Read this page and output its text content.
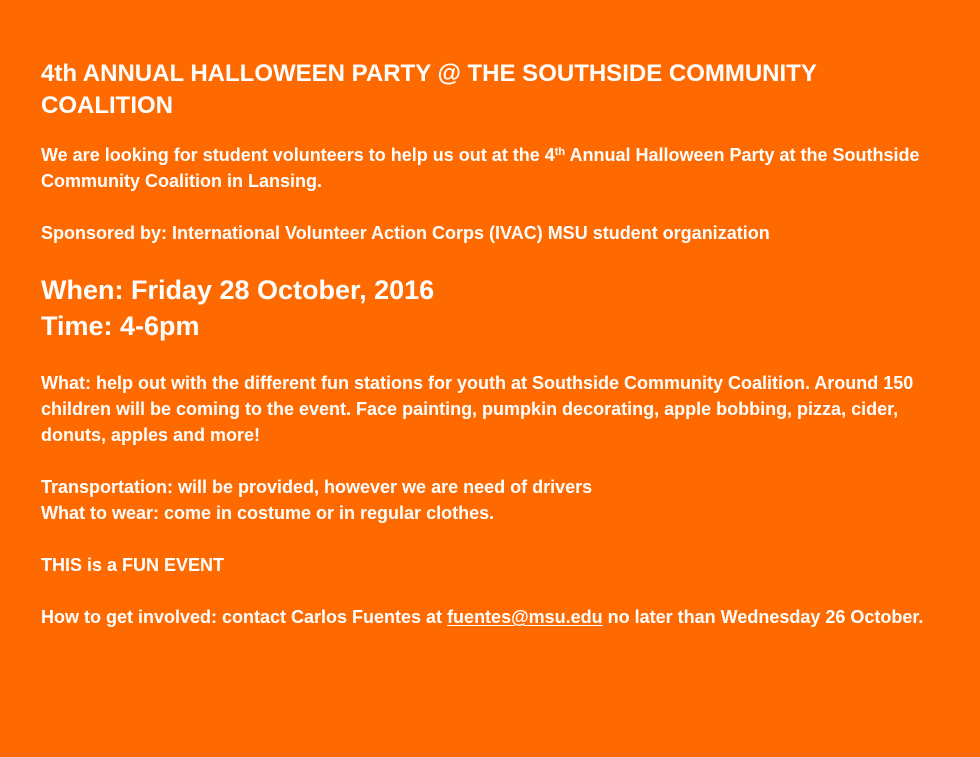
4th ANNUAL HALLOWEEN PARTY @ THE SOUTHSIDE COMMUNITY COALITION

We are looking for student volunteers to help us out at the 4th Annual Halloween Party at the Southside Community Coalition in Lansing.

Sponsored by: International Volunteer Action Corps (IVAC) MSU student organization

When: Friday 28 October, 2016

Time: 4-6pm

What: help out with the different fun stations for youth at Southside Community Coalition. Around 150 children will be coming to the event. Face painting, pumpkin decorating, apple bobbing, pizza, cider, donuts, apples and more!

Transportation: will be provided, however we are need of drivers

What to wear: come in costume or in regular clothes.

THIS is a FUN EVENT

How to get involved: contact Carlos Fuentes at fuentes@msu.edu no later than Wednesday 26 October.
